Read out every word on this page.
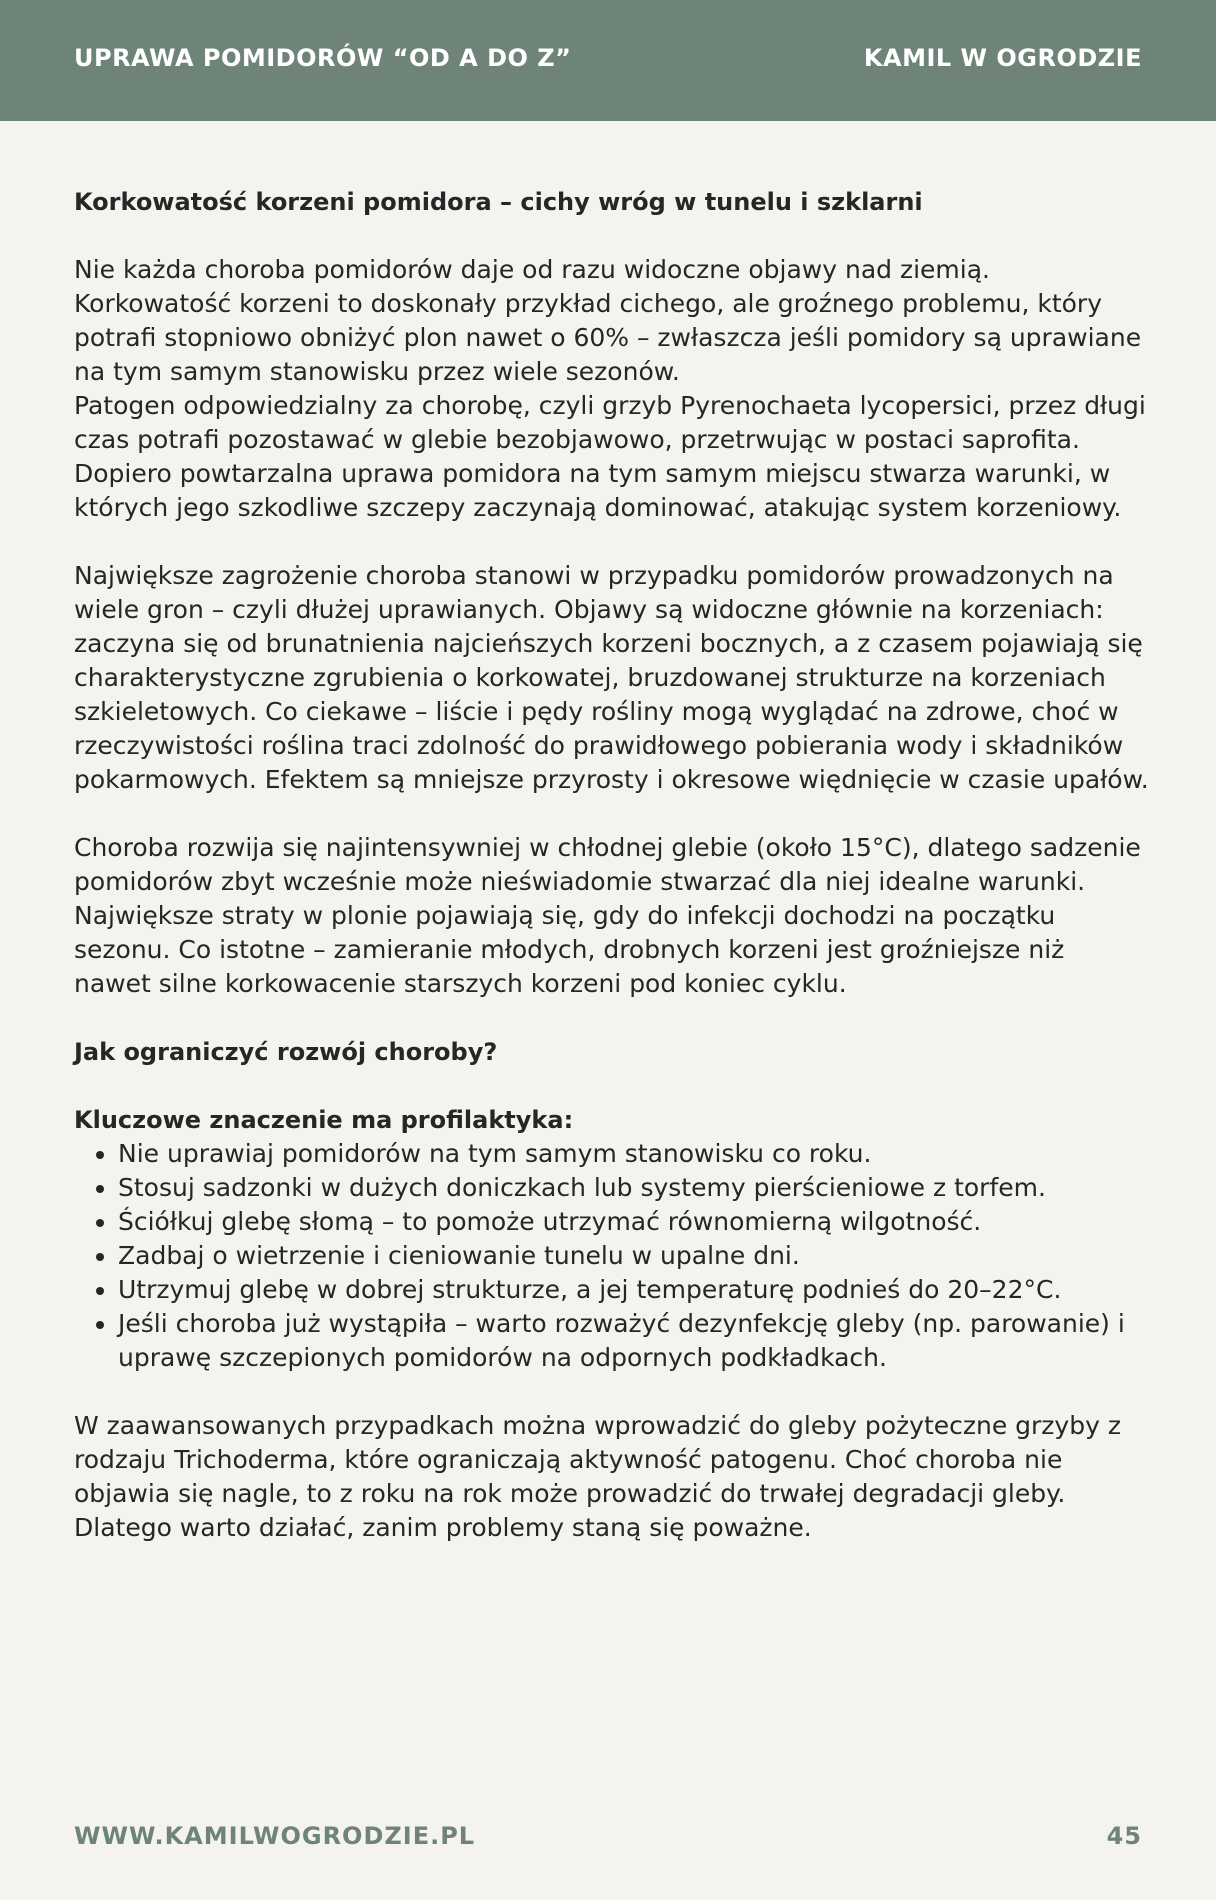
UPRAWA POMIDORÓW “OD A DO Z”	KAMIL W OGRODZIE

Korkowatość korzeni pomidora – cichy wróg w tunelu i szklarni

Nie każda choroba pomidorów daje od razu widoczne objawy nad ziemią. Korkowatość korzeni to doskonały przykład cichego, ale groźnego problemu, który potrafi stopniowo obniżyć plon nawet o 60% – zwłaszcza jeśli pomidory są uprawiane na tym samym stanowisku przez wiele sezonów.

Patogen odpowiedzialny za chorobę, czyli grzyb Pyrenochaeta lycopersici, przez długi czas potrafi pozostawać w glebie bezobjawowo, przetrwując w postaci saprofita. Dopiero powtarzalna uprawa pomidora na tym samym miejscu stwarza warunki, w których jego szkodliwe szczepy zaczynają dominować, atakując system korzeniowy.

Największe zagrożenie choroba stanowi w przypadku pomidorów prowadzonych na wiele gron – czyli dłużej uprawianych. Objawy są widoczne głównie na korzeniach: zaczyna się od brunatnienia najcieńszych korzeni bocznych, a z czasem pojawiają się charakterystyczne zgrubienia o korkowatej, bruzdowanej strukturze na korzeniach szkieletowych. Co ciekawe – liście i pędy rośliny mogą wyglądać na zdrowe, choć w rzeczywistości roślina traci zdolność do prawidłowego pobierania wody i składników pokarmowych. Efektem są mniejsze przyrosty i okresowe więdnięcie w czasie upałów.

Choroba rozwija się najintensywniej w chłodnej glebie (około 15°C), dlatego sadzenie pomidorów zbyt wcześnie może nieświadomie stwarzać dla niej idealne warunki. Największe straty w plonie pojawiają się, gdy do infekcji dochodzi na początku sezonu. Co istotne – zamieranie młodych, drobnych korzeni jest groźniejsze niż nawet silne korkowacenie starszych korzeni pod koniec cyklu.

Jak ograniczyć rozwój choroby?

Kluczowe znaczenie ma profilaktyka:

• Nie uprawiaj pomidorów na tym samym stanowisku co roku.
• Stosuj sadzonki w dużych doniczkach lub systemy pierścieniowe z torfem.
• Ściółkuj glebę słomą – to pomoże utrzymać równomierną wilgotność.
• Zadbaj o wietrzenie i cieniowanie tunelu w upalne dni.
• Utrzymuj glebę w dobrej strukturze, a jej temperaturę podnieś do 20–22°C.
• Jeśli choroba już wystąpiła – warto rozważyć dezynfekcję gleby (np. parowanie) i uprawę szczepionych pomidorów na odpornych podkładkach.

W zaawansowanych przypadkach można wprowadzić do gleby pożyteczne grzyby z rodzaju Trichoderma, które ograniczają aktywność patogenu. Choć choroba nie objawia się nagle, to z roku na rok może prowadzić do trwałej degradacji gleby. Dlatego warto działać, zanim problemy staną się poważne.

WWW.KAMILWOGRODZIE.PL	45
